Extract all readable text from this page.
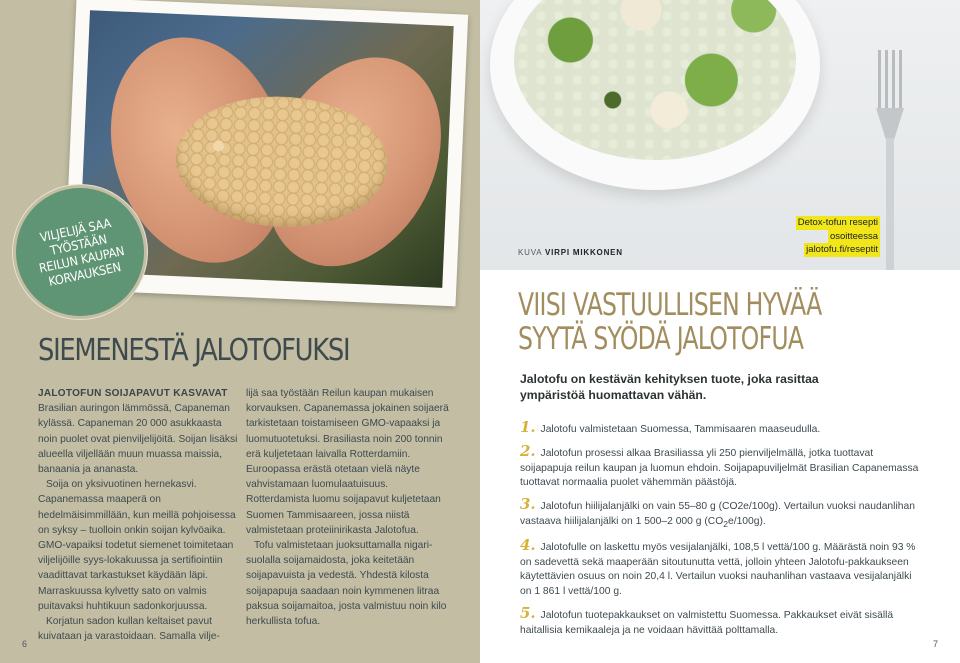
VILJELIJÄ SAA TYÖSTÄÄN REILUN KAUPAN KORVAUKSEN
SIEMENESTÄ JALOTOFUKSI

JALOTOFUN SOIJAPAVUT KASVAVAT

Brasilian auringon lämmössä, Capaneman kylässä. Capaneman 20 000 asukkaasta noin puolet ovat pienviljelijöitä. Soijan lisäksi alueella viljellään muun muassa maissia, banaania ja ananasta.

Soija on yksivuotinen hernekasvi. Capanemassa maaperä on hedelmäisimmillään, kun meillä pohjoisessa on syksy – tuolloin onkin soijan kylvöaika. GMO-vapaiksi todetut siemenet toimitetaan viljelijöille syys-lokakuussa ja sertifiointiin vaadittavat tarkastukset käydään läpi. Marraskuussa kylvetty sato on valmis puitavaksi huhtikuun sadonkorjuussa.

Korjatun sadon kullan keltaiset pavut kuivataan ja varastoidaan. Samalla vilje-

lijä saa työstään Reilun kaupan mukaisen korvauksen. Capanemassa jokainen soijaerä tarkistetaan toistamiseen GMO-vapaaksi ja luomutuotetuksi. Brasiliasta noin 200 tonnin erä kuljetetaan laivalla Rotterdamiin. Euroopassa erästä otetaan vielä näyte vahvistamaan luomulaatuisuus. Rotterdamista luomu soijapavut kuljetetaan Suomen Tammisaareen, jossa niistä valmistetaan proteiinirikasta Jalotofua.

Tofu valmistetaan juoksuttamalla nigari-suolalla soijamaidosta, joka keitetään soijapavuista ja vedestä. Yhdestä kilosta soijapapuja saadaan noin kymmenen litraa paksua soijamaitoa, josta valmistuu noin kilo herkullista tofua.

6
KUVA VIRPI MIKKONEN
Detox-tofun resepti
osoitteessa
jalotofu.fi/reseptit
VIISI VASTUULLISEN HYVÄÄ
SYYTÄ SYÖDÄ JALOTOFUA

Jalotofu on kestävän kehityksen tuote, joka rasittaa ympäristöä huomattavan vähän.

1. Jalotofu valmistetaan Suomessa, Tammisaaren maaseudulla.
2. Jalotofun prosessi alkaa Brasiliassa yli 250 pienviljelmällä, jotka tuottavat soijapapuja reilun kaupan ja luomun ehdoin. Soijapapuviljelmät Brasilian Capanemassa tuottavat normaalia puolet vähemmän päästöjä.
3. Jalotofun hiilijalanjälki on vain 55–80 g (CO2e/100g). Vertailun vuoksi naudanlihan vastaava hiilijalanjälki on 1 500–2 000 g $(CO_2e/100g)$.
4. Jalotofulle on laskettu myös vesijalanjälki, 108,5 l vettä/100 g. Määrästä noin 93 % on sadevettä sekä maaperään sitoutunutta vettä, jolloin yhteen Jalotofu-pakkaukseen käytettävien osuus on noin 20,4 l. Vertailun vuoksi nauhanlihan vastaava vesijalanjälki on 1 861 l vettä/100 g.
5. Jalotofun tuotepakkaukset on valmistettu Suomessa. Pakkaukset eivät sisällä haitallisia kemikaaleja ja ne voidaan hävittää polttamalla.
7
